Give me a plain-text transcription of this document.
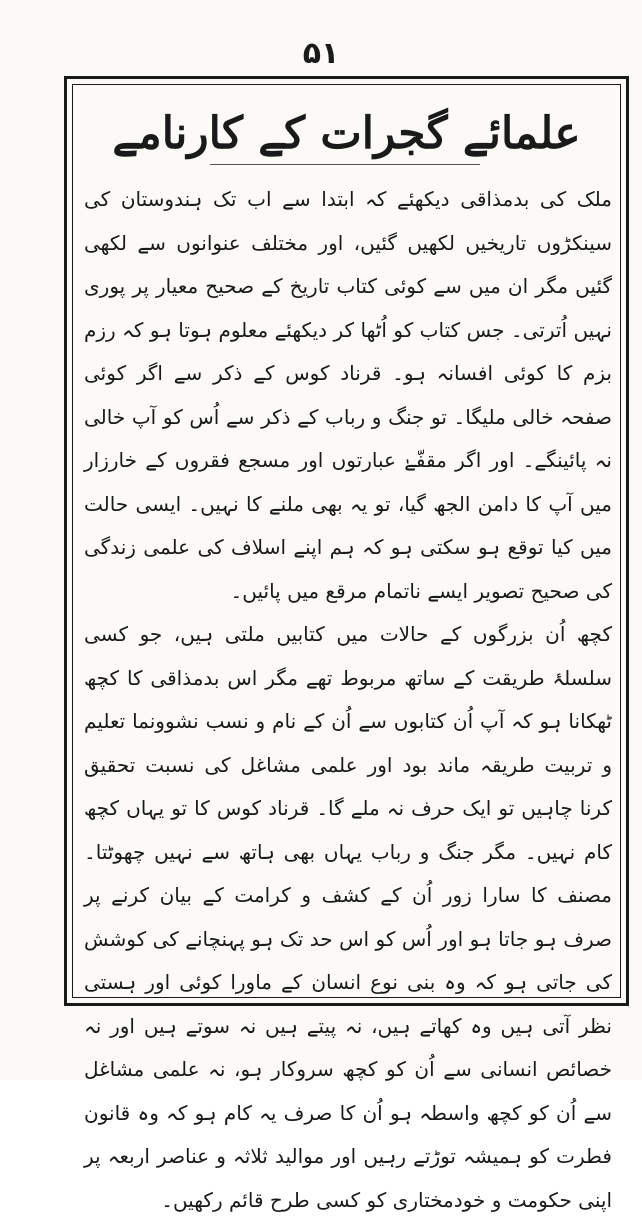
۵۱
علمائے گجرات کے کارنامے

ملک کی بدمذاقی دیکھئے کہ ابتدا سے اب تک ہندوستان کی سینکڑوں تاریخیں لکھیں گئیں، اور مختلف عنوانوں سے لکھی گئیں مگر ان میں سے کوئی کتاب تاریخ کے صحیح معیار پر پوری نہیں اُترتی۔ جس کتاب کو اُٹھا کر دیکھئے معلوم ہوتا ہو کہ رزم بزم کا کوئی افسانہ ہو۔ قرناد کوس کے ذکر سے اگر کوئی صفحہ خالی ملیگا۔ تو جنگ و رباب کے ذکر سے اُس کو آپ خالی نہ پائینگے۔ اور اگر مقفّےٰ عبارتوں اور مسجع فقروں کے خارزار میں آپ کا دامن الجھ گیا، تو یہ بھی ملنے کا نہیں۔ ایسی حالت میں کیا توقع ہو سکتی ہو کہ ہم اپنے اسلاف کی علمی زندگی کی صحیح تصویر ایسے ناتمام مرقع میں پائیں۔

کچھ اُن بزرگوں کے حالات میں کتابیں ملتی ہیں، جو کسی سلسلۂ طریقت کے ساتھ مربوط تھے مگر اس بدمذاقی کا کچھ ٹھکانا ہو کہ آپ اُن کتابوں سے اُن کے نام و نسب نشوونما تعلیم و تربیت طریقہ ماند بود اور علمی مشاغل کی نسبت تحقیق کرنا چاہیں تو ایک حرف نہ ملے گا۔ قرناد کوس کا تو یہاں کچھ کام نہیں۔ مگر جنگ و رباب یہاں بھی ہاتھ سے نہیں چھوٹتا۔ مصنف کا سارا زور اُن کے کشف و کرامت کے بیان کرنے پر صرف ہو جاتا ہو اور اُس کو اس حد تک ہو پہنچانے کی کوشش کی جاتی ہو کہ وہ بنی نوع انسان کے ماورا کوئی اور ہستی نظر آتی ہیں وہ کھاتے ہیں، نہ پیتے ہیں نہ سوتے ہیں اور نہ خصائص انسانی سے اُن کو کچھ سروکار ہو، نہ علمی مشاغل سے اُن کو کچھ واسطہ ہو اُن کا صرف یہ کام ہو کہ وہ قانون فطرت کو ہمیشہ توڑتے رہیں اور موالید ثلاثہ و عناصر اربعہ پر اپنی حکومت و خودمختاری کو کسی طرح قائم رکھیں۔
